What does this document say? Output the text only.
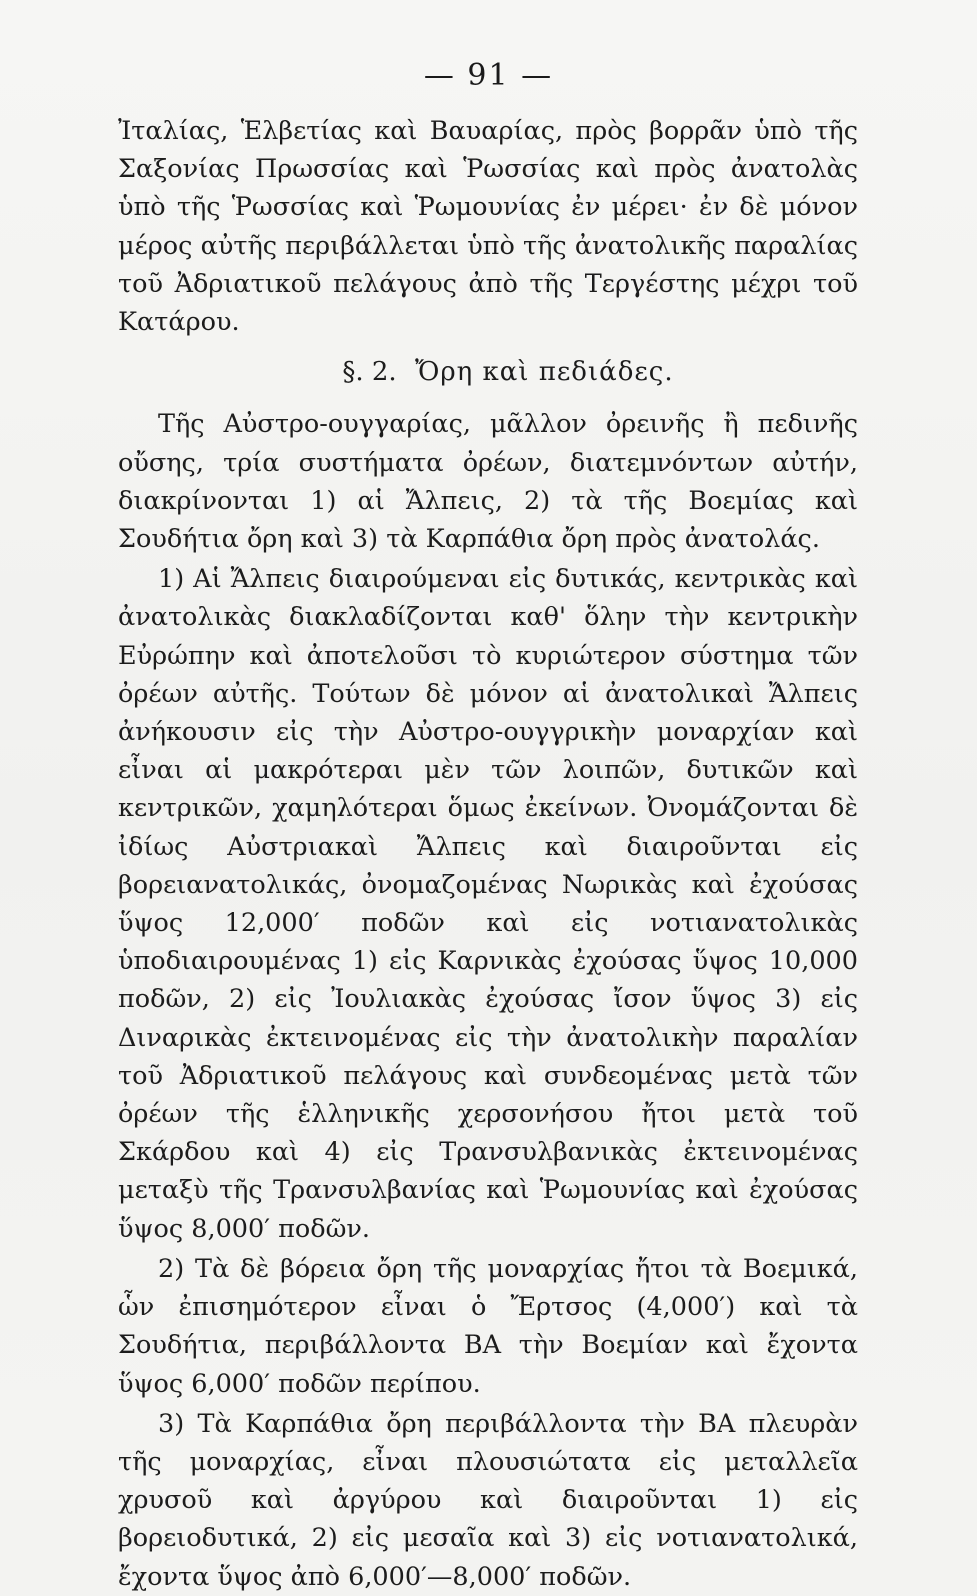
— 91 —

Ἰταλίας, Ἑλβετίας καὶ Βαυαρίας, πρὸς βορρᾶν ὑπὸ τῆς Σαξονίας Πρωσσίας καὶ Ῥωσσίας καὶ πρὸς ἀνατολὰς ὑπὸ τῆς Ῥωσσίας καὶ Ῥωμουνίας ἐν μέρει· ἐν δὲ μόνον μέρος αὐτῆς περιβάλλεται ὑπὸ τῆς ἀνατολικῆς παραλίας τοῦ Ἀδριατικοῦ πελάγους ἀπὸ τῆς Τεργέστης μέχρι τοῦ Κατάρου.

§. 2. Ὄρη καὶ πεδιάδες.

Τῆς Αὐστρο-ουγγαρίας, μᾶλλον ὀρεινῆς ἢ πεδινῆς οὔσης, τρία συστήματα ὀρέων, διατεμνόντων αὐτήν, διακρίνονται 1) αἱ Ἄλπεις, 2) τὰ τῆς Βοεμίας καὶ Σουδήτια ὄρη καὶ 3) τὰ Καρπάθια ὄρη πρὸς ἀνατολάς.

1) Αἱ Ἄλπεις διαιρούμεναι εἰς δυτικάς, κεντρικὰς καὶ ἀνατολικὰς διακλαδίζονται καθ' ὅλην τὴν κεντρικὴν Εὐρώπην καὶ ἀποτελοῦσι τὸ κυριώτερον σύστημα τῶν ὀρέων αὐτῆς. Τούτων δὲ μόνον αἱ ἀνατολικαὶ Ἄλπεις ἀνήκουσιν εἰς τὴν Αὐστρο-ουγγρικὴν μοναρχίαν καὶ εἶναι αἱ μακρότεραι μὲν τῶν λοιπῶν, δυτικῶν καὶ κεντρικῶν, χαμηλότεραι ὅμως ἐκείνων. Ὀνομάζονται δὲ ἰδίως Αὐστριακαὶ Ἄλπεις καὶ διαιροῦνται εἰς βορειανατολικάς, ὀνομαζομένας Νωρικὰς καὶ ἐχούσας ὕψος 12,000′ ποδῶν καὶ εἰς νοτιανατολικὰς ὑποδιαιρουμένας 1) εἰς Καρνικὰς ἐχούσας ὕψος 10,000 ποδῶν, 2) εἰς Ἰουλιακὰς ἐχούσας ἴσον ὕψος 3) εἰς Διναρικὰς ἐκτεινομένας εἰς τὴν ἀνατολικὴν παραλίαν τοῦ Ἀδριατικοῦ πελάγους καὶ συνδεομένας μετὰ τῶν ὀρέων τῆς ἑλληνικῆς χερσονήσου ἤτοι μετὰ τοῦ Σκάρδου καὶ 4) εἰς Τρανσυλβανικὰς ἐκτεινομένας μεταξὺ τῆς Τρανσυλβανίας καὶ Ῥωμουνίας καὶ ἐχούσας ὕψος 8,000′ ποδῶν.

2) Τὰ δὲ βόρεια ὄρη τῆς μοναρχίας ἤτοι τὰ Βοεμικά, ὧν ἐπισημότερον εἶναι ὁ Ἔρτσος (4,000′) καὶ τὰ Σουδήτια, περιβάλλοντα ΒΑ τὴν Βοεμίαν καὶ ἔχοντα ὕψος 6,000′ ποδῶν περίπου.

3) Τὰ Καρπάθια ὄρη περιβάλλοντα τὴν ΒΑ πλευρὰν τῆς μοναρχίας, εἶναι πλουσιώτατα εἰς μεταλλεῖα χρυσοῦ καὶ ἀργύρου καὶ διαιροῦνται 1) εἰς βορειοδυτικά, 2) εἰς μεσαῖα καὶ 3) εἰς νοτιανατολικά, ἔχοντα ὕψος ἀπὸ 6,000′—8,000′ ποδῶν.
